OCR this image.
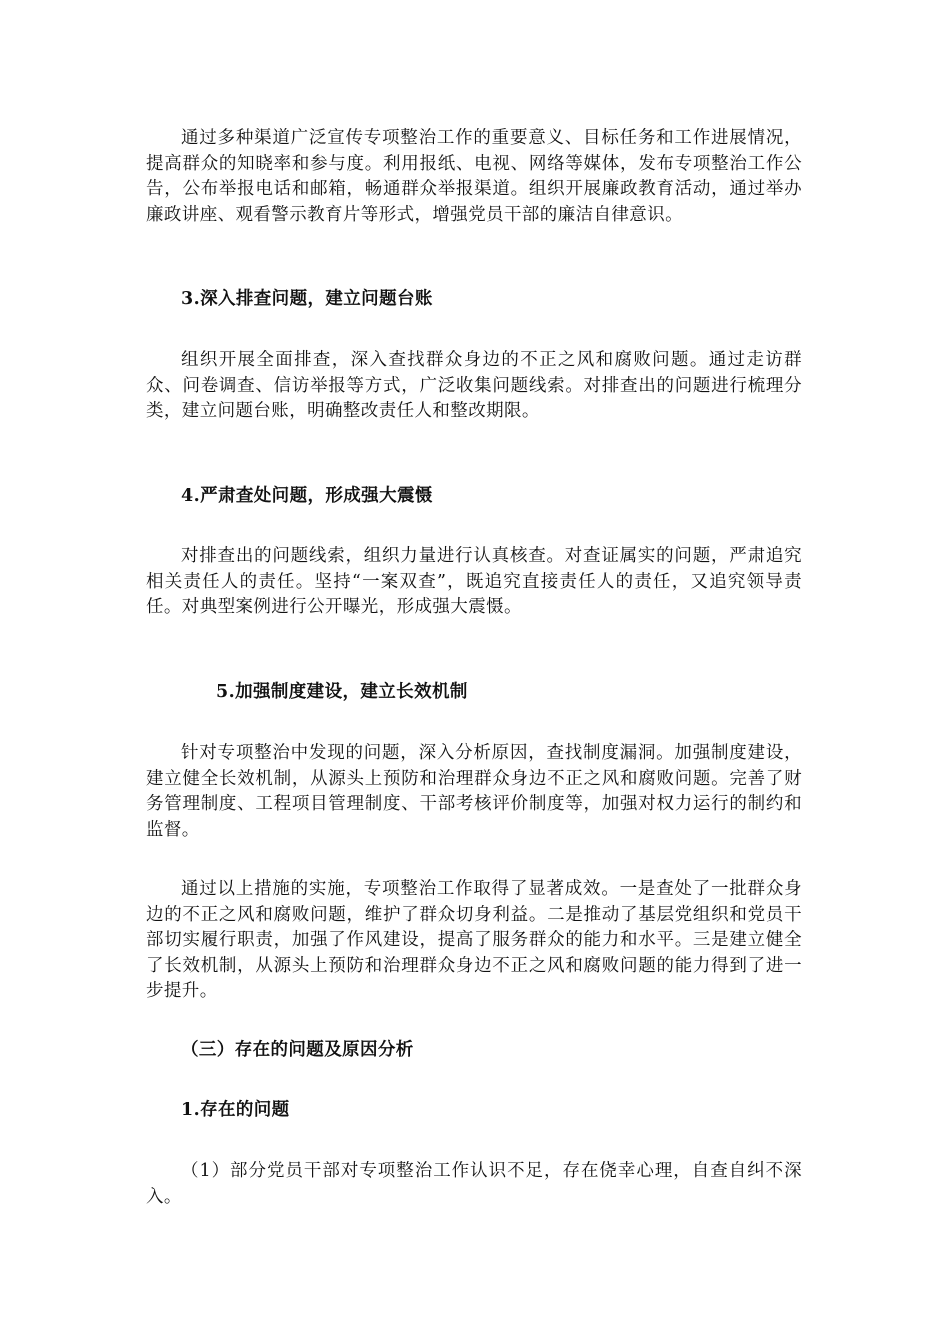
通过多种渠道广泛宣传专项整治工作的重要意义、目标任务和工作进展情况，提高群众的知晓率和参与度。利用报纸、电视、网络等媒体，发布专项整治工作公告，公布举报电话和邮箱，畅通群众举报渠道。组织开展廉政教育活动，通过举办廉政讲座、观看警示教育片等形式，增强党员干部的廉洁自律意识。

3.深入排查问题，建立问题台账

组织开展全面排查，深入查找群众身边的不正之风和腐败问题。通过走访群众、问卷调查、信访举报等方式，广泛收集问题线索。对排查出的问题进行梳理分类，建立问题台账，明确整改责任人和整改期限。

4.严肃查处问题，形成强大震慑

对排查出的问题线索，组织力量进行认真核查。对查证属实的问题，严肃追究相关责任人的责任。坚持“一案双查”，既追究直接责任人的责任，又追究领导责任。对典型案例进行公开曝光，形成强大震慑。

5.加强制度建设，建立长效机制

针对专项整治中发现的问题，深入分析原因，查找制度漏洞。加强制度建设，建立健全长效机制，从源头上预防和治理群众身边不正之风和腐败问题。完善了财务管理制度、工程项目管理制度、干部考核评价制度等，加强对权力运行的制约和监督。

通过以上措施的实施，专项整治工作取得了显著成效。一是查处了一批群众身边的不正之风和腐败问题，维护了群众切身利益。二是推动了基层党组织和党员干部切实履行职责，加强了作风建设，提高了服务群众的能力和水平。三是建立健全了长效机制，从源头上预防和治理群众身边不正之风和腐败问题的能力得到了进一步提升。

（三）存在的问题及原因分析

1.存在的问题

（1）部分党员干部对专项整治工作认识不足，存在侥幸心理，自查自纠不深入。
